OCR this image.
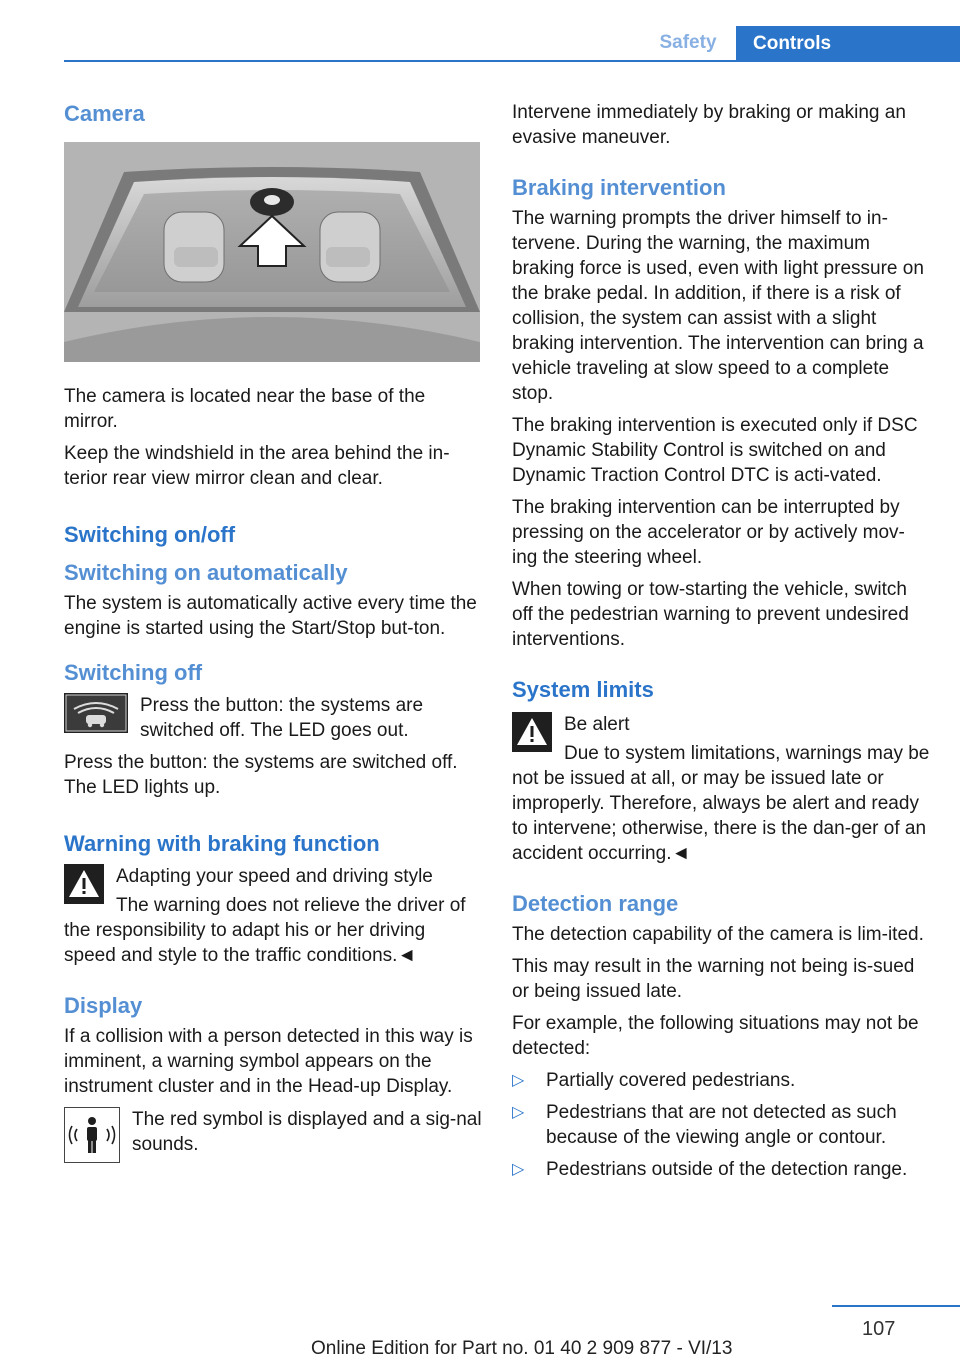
Safety	Controls
Camera
The camera is located near the base of the mirror.
Keep the windshield in the area behind the in‐terior rear view mirror clean and clear.
Switching on/off
Switching on automatically
The system is automatically active every time the engine is started using the Start/Stop but‐ton.
Switching off
Press the button: the systems are switched off. The LED goes out.
Press the button: the systems are switched off. The LED lights up.
Warning with braking function
Adapting your speed and driving style
The warning does not relieve the driver of the responsibility to adapt his or her driving speed and style to the traffic conditions.◄
Display
If a collision with a person detected in this way is imminent, a warning symbol appears on the instrument cluster and in the Head-up Display.
The red symbol is displayed and a sig‐nal sounds.
Intervene immediately by braking or making an evasive maneuver.
Braking intervention
The warning prompts the driver himself to in‐tervene. During the warning, the maximum braking force is used, even with light pressure on the brake pedal. In addition, if there is a risk of collision, the system can assist with a slight braking intervention. The intervention can bring a vehicle traveling at slow speed to a complete stop.
The braking intervention is executed only if DSC Dynamic Stability Control is switched on and Dynamic Traction Control DTC is acti‐vated.
The braking intervention can be interrupted by pressing on the accelerator or by actively mov‐ing the steering wheel.
When towing or tow-starting the vehicle, switch off the pedestrian warning to prevent undesired interventions.
System limits
Be alert
Due to system limitations, warnings may be not be issued at all, or may be issued late or improperly. Therefore, always be alert and ready to intervene; otherwise, there is the dan‐ger of an accident occurring.◄
Detection range
The detection capability of the camera is lim‐ited.
This may result in the warning not being is‐sued or being issued late.
For example, the following situations may not be detected:
▷ Partially covered pedestrians.
▷ Pedestrians that are not detected as such because of the viewing angle or contour.
▷ Pedestrians outside of the detection range.
107
Online Edition for Part no. 01 40 2 909 877 - VI/13
